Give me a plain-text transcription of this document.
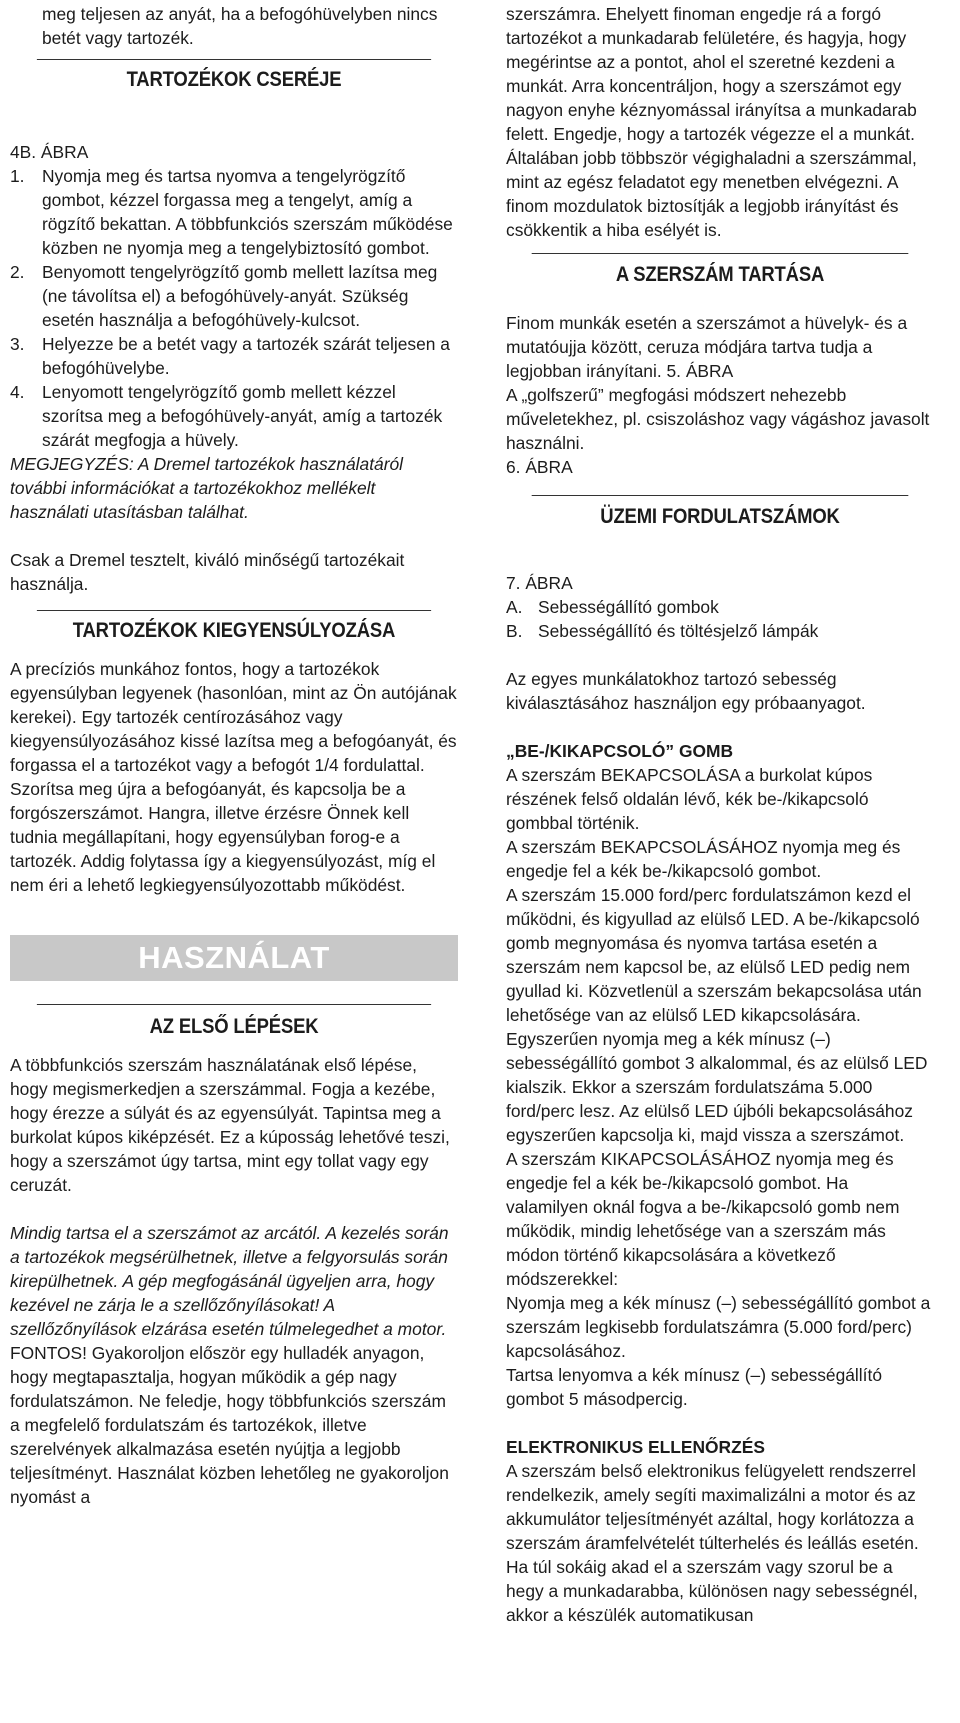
meg teljesen az anyát, ha a befogóhüvelyben nincs betét vagy tartozék.

TARTOZÉKOK CSERÉJE

4B. ÁBRA

1.	Nyomja meg és tartsa nyomva a tengelyrögzítő gombot, kézzel forgassa meg a tengelyt, amíg a rögzítő bekattan. A többfunkciós szerszám működése közben ne nyomja meg a tengelybiztosító gombot.
2.	Benyomott tengelyrögzítő gomb mellett lazítsa meg (ne távolítsa el) a befogóhüvely-anyát. Szükség esetén használja a befogóhüvely-kulcsot.
3.	Helyezze be a betét vagy a tartozék szárát teljesen a befogóhüvelybe.
4.	Lenyomott tengelyrögzítő gomb mellett kézzel szorítsa meg a befogóhüvely-anyát, amíg a tartozék szárát megfogja a hüvely.

MEGJEGYZÉS: A Dremel tartozékok használatáról további információkat a tartozékokhoz mellékelt használati utasításban találhat.

Csak a Dremel tesztelt, kiváló minőségű tartozékait használja.

TARTOZÉKOK KIEGYENSÚLYOZÁSA

A precíziós munkához fontos, hogy a tartozékok egyensúlyban legyenek (hasonlóan, mint az Ön autójának kerekei). Egy tartozék centírozásához vagy kiegyensúlyozásához kissé lazítsa meg a befogóanyát, és forgassa el a tartozékot vagy a befogót 1/4 fordulattal. Szorítsa meg újra a befogóanyát, és kapcsolja be a forgószerszámot. Hangra, illetve érzésre Önnek kell tudnia megállapítani, hogy egyensúlyban forog-e a tartozék. Addig folytassa így a kiegyensúlyozást, míg el nem éri a lehető legkiegyensúlyozottabb működést.

HASZNÁLAT
AZ ELSŐ LÉPÉSEK

A többfunkciós szerszám használatának első lépése, hogy megismerkedjen a szerszámmal. Fogja a kezébe, hogy érezze a súlyát és az egyensúlyát. Tapintsa meg a burkolat kúpos kiképzését. Ez a kúposság lehetővé teszi, hogy a szerszámot úgy tartsa, mint egy tollat vagy egy ceruzát.

Mindig tartsa el a szerszámot az arcától. A kezelés során a tartozékok megsérülhetnek, illetve a felgyorsulás során kirepülhetnek. A gép megfogásánál ügyeljen arra, hogy kezével ne zárja le a szellőzőnyílásokat! A szellőzőnyílások elzárása esetén túlmelegedhet a motor.

FONTOS! Gyakoroljon először egy hulladék anyagon, hogy megtapasztalja, hogyan működik a gép nagy fordulatszámon. Ne feledje, hogy többfunkciós szerszám a megfelelő fordulatszám és tartozékok, illetve szerelvények alkalmazása esetén nyújtja a legjobb teljesítményt. Használat közben lehetőleg ne gyakoroljon nyomást a

szerszámra. Ehelyett finoman engedje rá a forgó tartozékot a munkadarab felületére, és hagyja, hogy megérintse az a pontot, ahol el szeretné kezdeni a munkát. Arra koncentráljon, hogy a szerszámot egy nagyon enyhe kéznyomással irányítsa a munkadarab felett. Engedje, hogy a tartozék végezze el a munkát.

Általában jobb többször végighaladni a szerszámmal, mint az egész feladatot egy menetben elvégezni. A finom mozdulatok biztosítják a legjobb irányítást és csökkentik a hiba esélyét is.

A SZERSZÁM TARTÁSA

Finom munkák esetén a szerszámot a hüvelyk- és a mutatóujja között, ceruza módjára tartva tudja a legjobban irányítani. 5. ÁBRA

A „golfszerű” megfogási módszert nehezebb műveletekhez, pl. csiszoláshoz vagy vágáshoz javasolt használni.

6. ÁBRA

ÜZEMI FORDULATSZÁMOK

7. ÁBRA

A. Sebességállító gombok
B. Sebességállító és töltésjelző lámpák

Az egyes munkálatokhoz tartozó sebesség kiválasztásához használjon egy próbaanyagot.

„BE-/KIKAPCSOLÓ” GOMB

A szerszám BEKAPCSOLÁSA a burkolat kúpos részének felső oldalán lévő, kék be-/kikapcsoló gombbal történik.

A szerszám BEKAPCSOLÁSÁHOZ nyomja meg és engedje fel a kék be-/kikapcsoló gombot.

A szerszám 15.000 ford/perc fordulatszámon kezd el működni, és kigyullad az elülső LED. A be-/kikapcsoló gomb megnyomása és nyomva tartása esetén a szerszám nem kapcsol be, az elülső LED pedig nem gyullad ki. Közvetlenül a szerszám bekapcsolása után lehetősége van az elülső LED kikapcsolására. Egyszerűen nyomja meg a kék mínusz (–) sebességállító gombot 3 alkalommal, és az elülső LED kialszik. Ekkor a szerszám fordulatszáma 5.000 ford/perc lesz. Az elülső LED újbóli bekapcsolásához egyszerűen kapcsolja ki, majd vissza a szerszámot.

A szerszám KIKAPCSOLÁSÁHOZ nyomja meg és engedje fel a kék be-/kikapcsoló gombot. Ha valamilyen oknál fogva a be-/kikapcsoló gomb nem működik, mindig lehetősége van a szerszám más módon történő kikapcsolására a következő módszerekkel:

Nyomja meg a kék mínusz (–) sebességállító gombot a szerszám legkisebb fordulatszámra (5.000 ford/perc) kapcsolásához.

Tartsa lenyomva a kék mínusz (–) sebességállító gombot 5 másodpercig.

ELEKTRONIKUS ELLENŐRZÉS

A szerszám belső elektronikus felügyelett rendszerrel rendelkezik, amely segíti maximalizálni a motor és az akkumulátor teljesítményét azáltal, hogy korlátozza a szerszám áramfelvételét túlterhelés és leállás esetén.

Ha túl sokáig akad el a szerszám vagy szorul be a hegy a munkadarabba, különösen nagy sebességnél, akkor a készülék automatikusan
